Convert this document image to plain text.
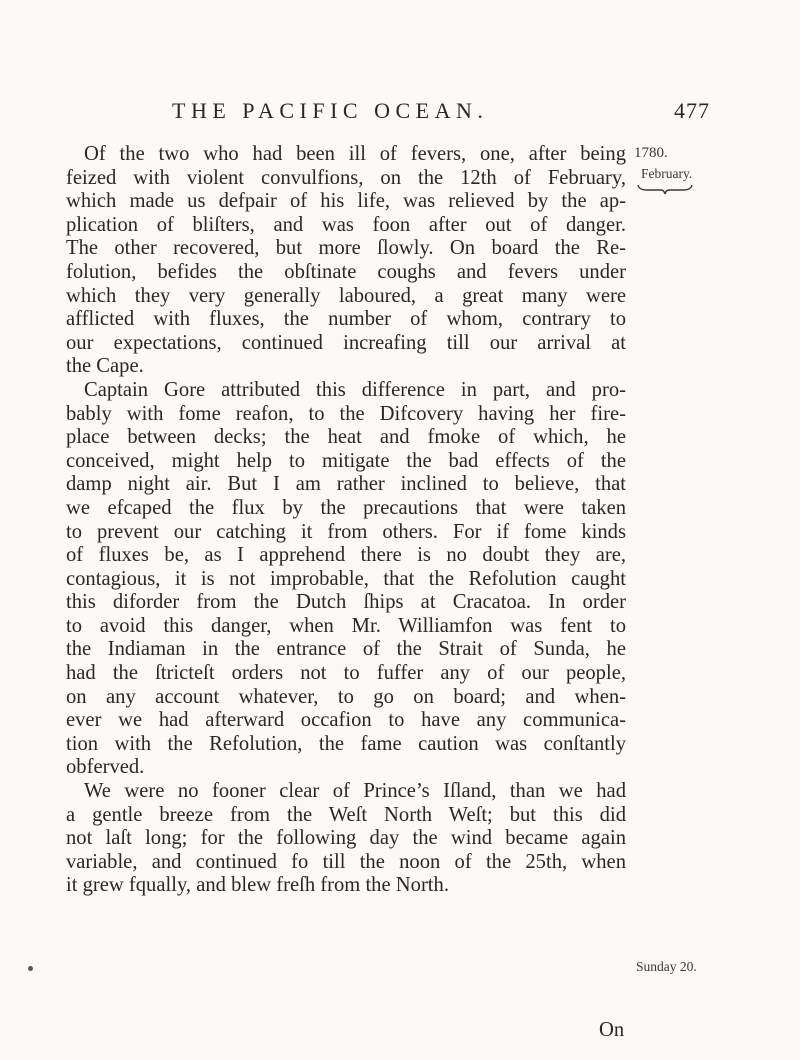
THE PACIFIC OCEAN.	477
1780.
February.
Sunday 20.
Of the two who had been ill of fevers, one, after being
feized with violent convulfions, on the 12th of February,
which made us defpair of his life, was relieved by the ap-
plication of bliſters, and was foon after out of danger.
The other recovered, but more ſlowly. On board the Re-
folution, befides the obſtinate coughs and fevers under
which they very generally laboured, a great many were
afflicted with fluxes, the number of whom, contrary to
our expectations, continued increafing till our arrival at
the Cape.
Captain Gore attributed this difference in part, and pro-
bably with fome reafon, to the Difcovery having her fire-
place between decks; the heat and fmoke of which, he
conceived, might help to mitigate the bad effects of the
damp night air. But I am rather inclined to believe, that
we efcaped the flux by the precautions that were taken
to prevent our catching it from others. For if fome kinds
of fluxes be, as I apprehend there is no doubt they are,
contagious, it is not improbable, that the Refolution caught
this diforder from the Dutch ſhips at Cracatoa. In order
to avoid this danger, when Mr. Williamfon was fent to
the Indiaman in the entrance of the Strait of Sunda, he
had the ſtricteſt orders not to fuffer any of our people,
on any account whatever, to go on board; and when-
ever we had afterward occafion to have any communica-
tion with the Refolution, the fame caution was conſtantly
obferved.
We were no fooner clear of Prince’s Iſland, than we had
a gentle breeze from the Weſt North Weſt; but this did
not laſt long; for the following day the wind became again
variable, and continued fo till the noon of the 25th, when
it grew fqually, and blew freſh from the North.
On
